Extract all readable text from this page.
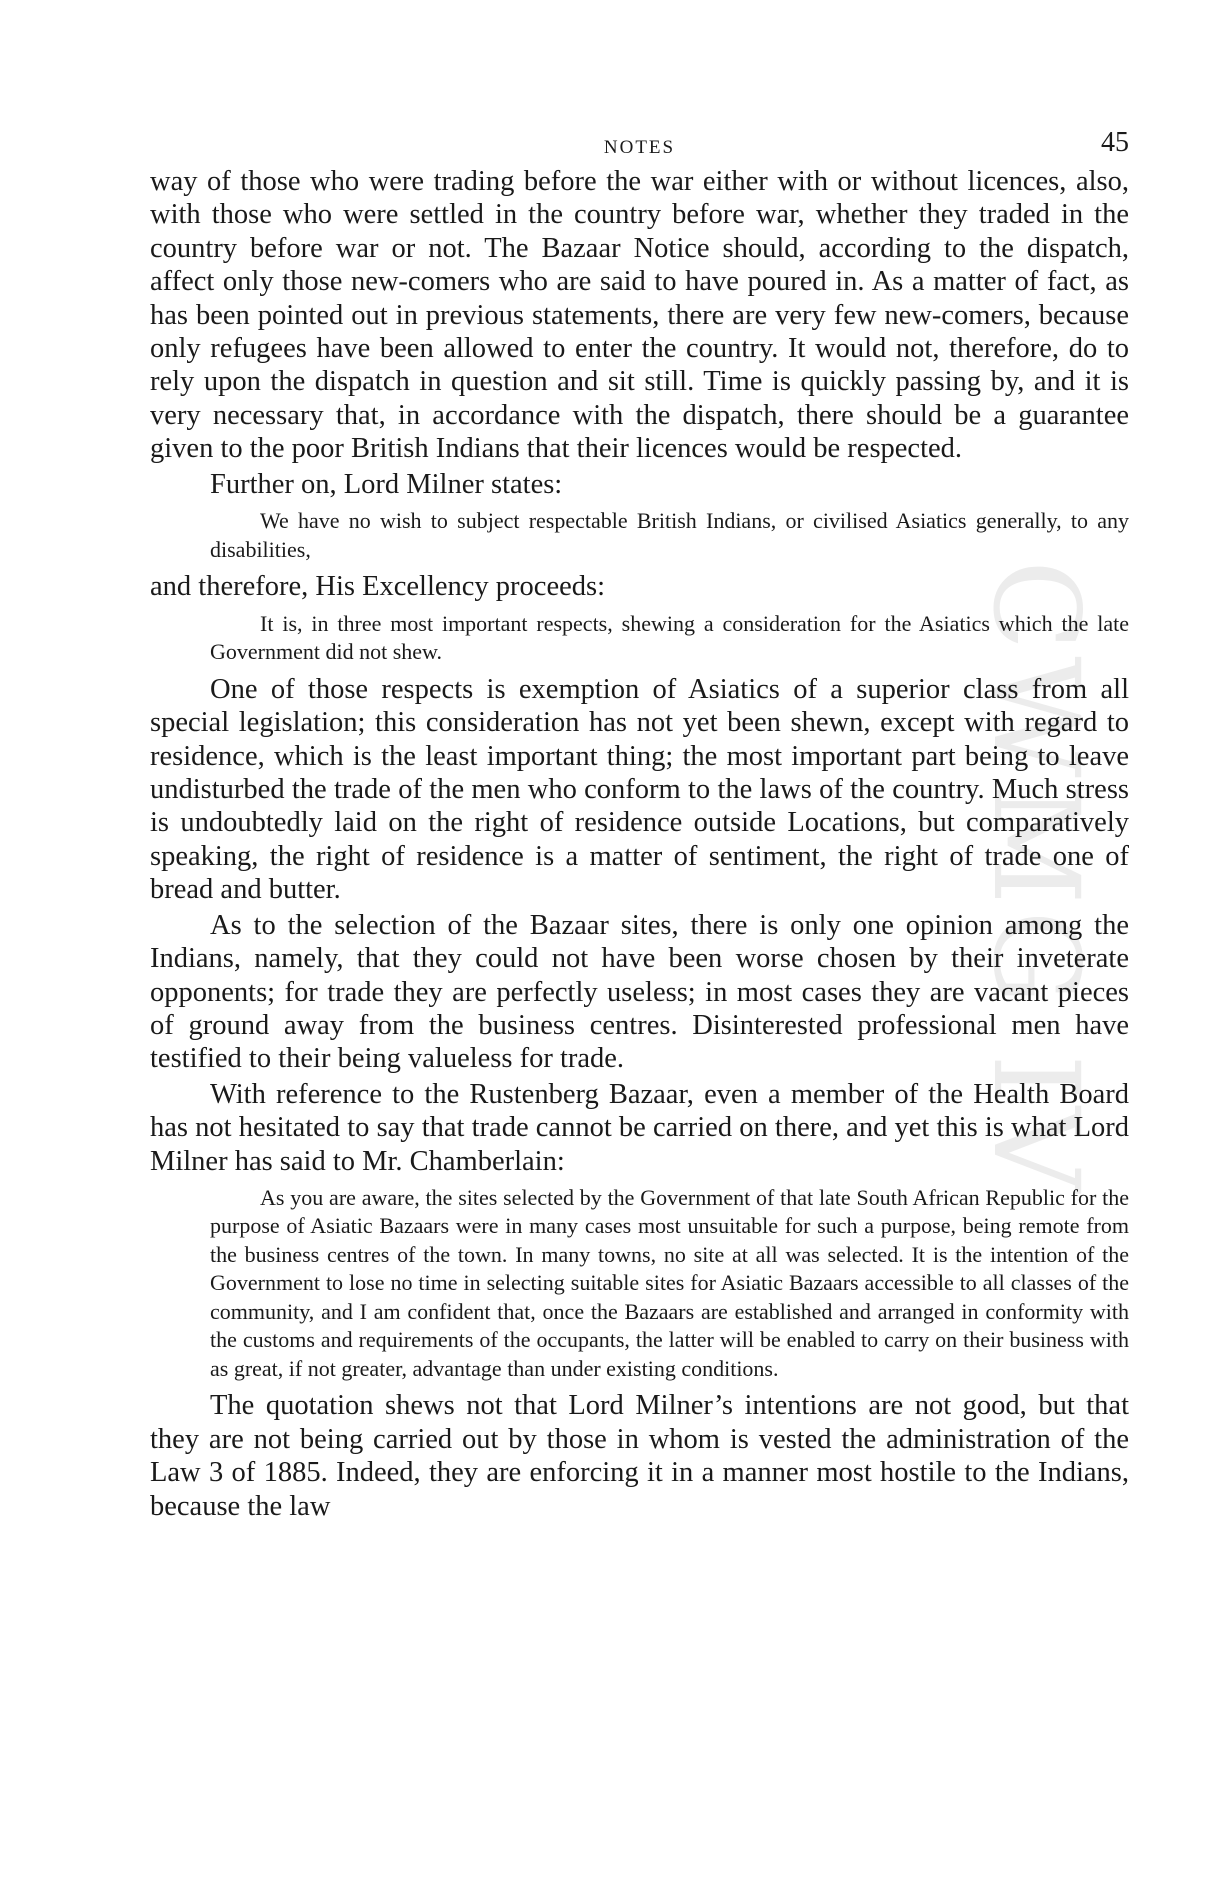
CWMG IV
NOTES	45

way of those who were trading before the war either with or without licences, also, with those who were settled in the country before war, whether they traded in the country before war or not. The Bazaar Notice should, according to the dispatch, affect only those new-comers who are said to have poured in. As a matter of fact, as has been pointed out in previous statements, there are very few new-comers, because only refugees have been allowed to enter the country. It would not, therefore, do to rely upon the dispatch in question and sit still. Time is quickly passing by, and it is very necessary that, in accordance with the dispatch, there should be a guarantee given to the poor British Indians that their licences would be respected.

Further on, Lord Milner states:

We have no wish to subject respectable British Indians, or civilised Asiatics generally, to any disabilities,

and therefore, His Excellency proceeds:

It is, in three most important respects, shewing a consideration for the Asiatics which the late Government did not shew.

One of those respects is exemption of Asiatics of a superior class from all special legislation; this consideration has not yet been shewn, except with regard to residence, which is the least important thing; the most important part being to leave undisturbed the trade of the men who conform to the laws of the country. Much stress is undoubtedly laid on the right of residence outside Locations, but comparatively speaking, the right of residence is a matter of sentiment, the right of trade one of bread and butter.

As to the selection of the Bazaar sites, there is only one opinion among the Indians, namely, that they could not have been worse chosen by their inveterate opponents; for trade they are perfectly useless; in most cases they are vacant pieces of ground away from the business centres. Disinterested professional men have testified to their being valueless for trade.

With reference to the Rustenberg Bazaar, even a member of the Health Board has not hesitated to say that trade cannot be carried on there, and yet this is what Lord Milner has said to Mr. Chamberlain:

As you are aware, the sites selected by the Government of that late South African Republic for the purpose of Asiatic Bazaars were in many cases most unsuitable for such a purpose, being remote from the business centres of the town. In many towns, no site at all was selected. It is the intention of the Government to lose no time in selecting suitable sites for Asiatic Bazaars accessible to all classes of the community, and I am confident that, once the Bazaars are established and arranged in conformity with the customs and requirements of the occupants, the latter will be enabled to carry on their business with as great, if not greater, advantage than under existing conditions.

The quotation shews not that Lord Milner’s intentions are not good, but that they are not being carried out by those in whom is vested the administration of the Law 3 of 1885. Indeed, they are enforcing it in a manner most hostile to the Indians, because the law
